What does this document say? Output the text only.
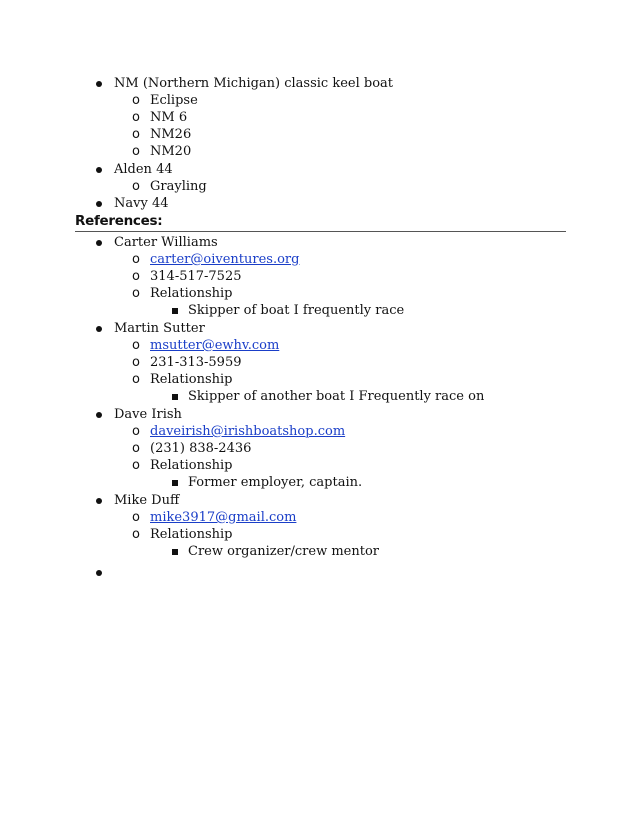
NM (Northern Michigan) classic keel boat
o Eclipse
o NM 6
o NM26
o NM20
Alden 44
o Grayling
Navy 44
References:
Carter Williams
o carter@oiventures.org
o 314-517-7525
o Relationship
Skipper of boat I frequently race
Martin Sutter
o msutter@ewhv.com
o 231-313-5959
o Relationship
Skipper of another boat I Frequently race on
Dave Irish
o daveirish@irishboatshop.com
o (231) 838-2436
o Relationship
Former employer, captain.
Mike Duff
o mike3917@gmail.com
o Relationship
Crew organizer/crew mentor
